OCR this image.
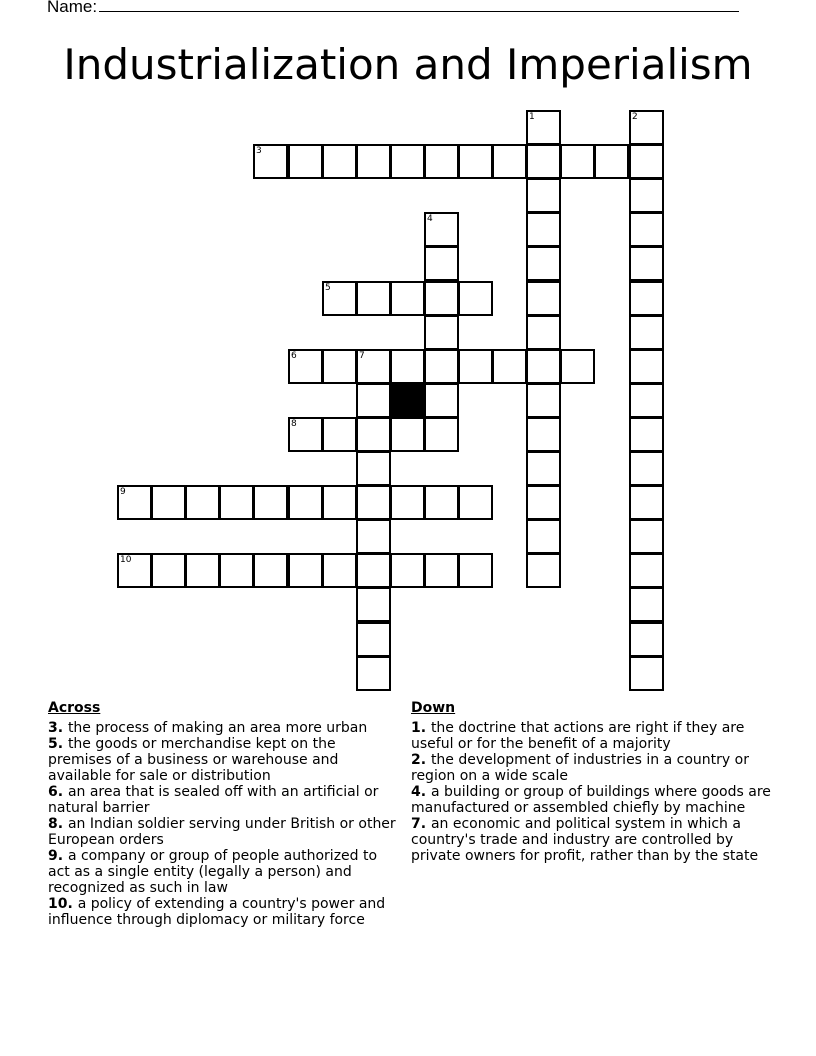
Name:
Industrialization and Imperialism
3
5
6	7
8
9
10
1	2
4
Across
3. the process of making an area more urban
5. the goods or merchandise kept on the premises of a business or warehouse and available for sale or distribution
6. an area that is sealed off with an artificial or natural barrier
8. an Indian soldier serving under British or other European orders
9. a company or group of people authorized to act as a single entity (legally a person) and recognized as such in law
10. a policy of extending a country's power and influence through diplomacy or military force
Down
1. the doctrine that actions are right if they are useful or for the benefit of a majority
2. the development of industries in a country or region on a wide scale
4. a building or group of buildings where goods are manufactured or assembled chiefly by machine
7. an economic and political system in which a country's trade and industry are controlled by private owners for profit, rather than by the state
